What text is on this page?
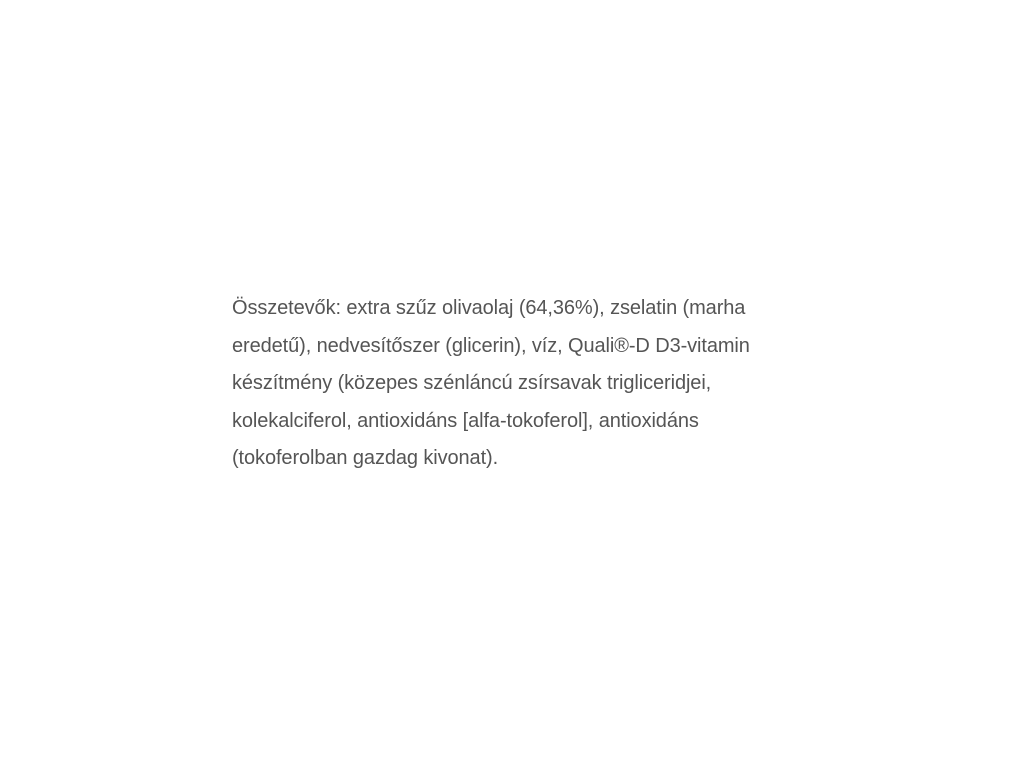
Összetevők: extra szűz olivaolaj (64,36%), zselatin (marha
eredetű), nedvesítőszer (glicerin), víz, Quali®-D D3-vitamin
készítmény (közepes szénláncú zsírsavak trigliceridjei,
kolekalciferol, antioxidáns [alfa-tokoferol], antioxidáns
(tokoferolban gazdag kivonat).
